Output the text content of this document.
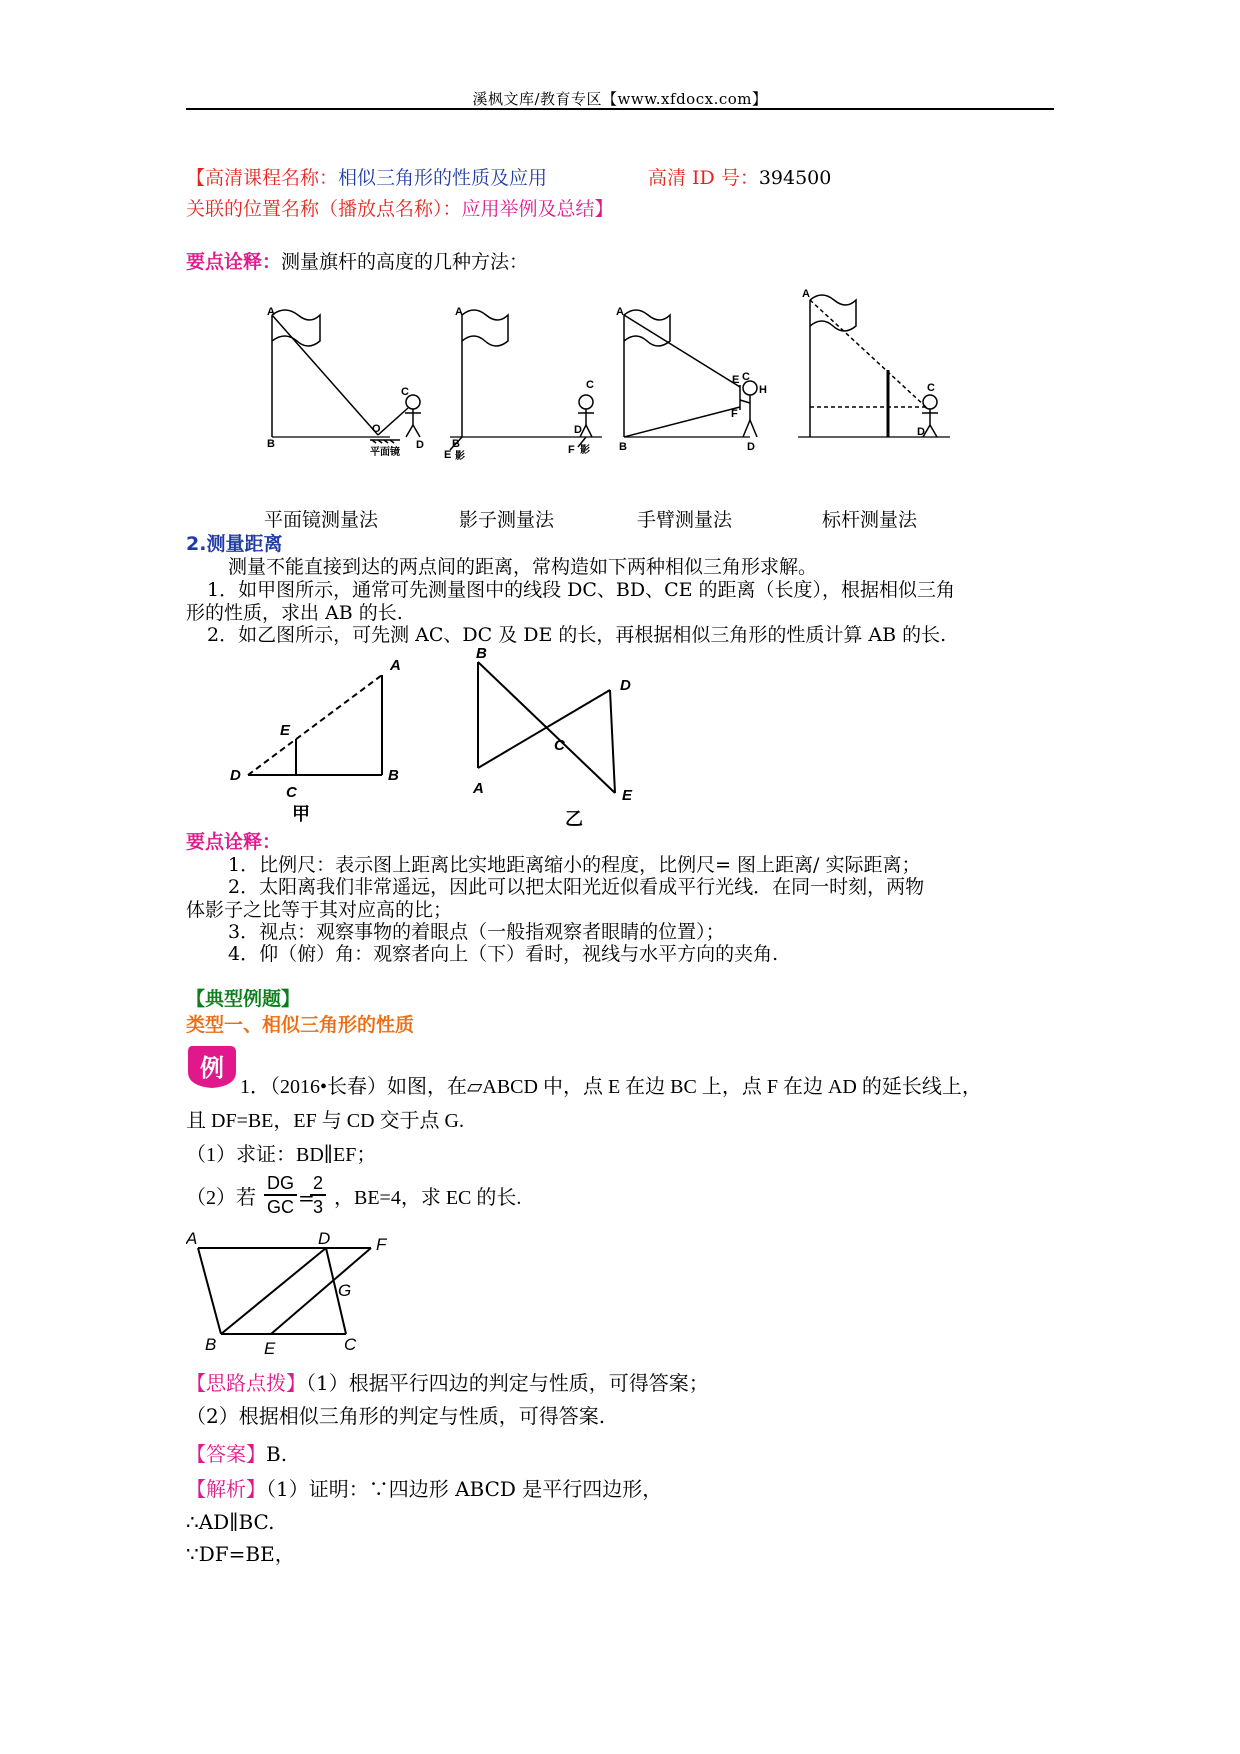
溪枫文库/教育专区【www.xfdocx.com】
【高清课程名称：相似三角形的性质及应用	高清 ID 号：394500
关联的位置名称（播放点名称）：应用举例及总结】
要点诠释：测量旗杆的高度的几种方法：
A
B
C
O
D
平面镜
A
C
B
E 影
D
F 影
A
E C
H
F
B	D
A
C
D
平面镜测量法	影子测量法	手臂测量法	标杆测量法
2.测量距离
测量不能直接到达的两点间的距离，常构造如下两种相似三角形求解。
1．如甲图所示，通常可先测量图中的线段 DC、BD、CE 的距离（长度），根据相似三角
形的性质，求出 AB 的长.
2．如乙图所示，可先测 AC、DC 及 DE 的长，再根据相似三角形的性质计算 AB 的长.
A
E
D
C
B
甲
B
D
C
A	E
乙
要点诠释：
1．比例尺：表示图上距离比实地距离缩小的程度，比例尺= 图上距离/ 实际距离；
2．太阳离我们非常遥远，因此可以把太阳光近似看成平行光线．在同一时刻，两物
体影子之比等于其对应高的比；
3．视点：观察事物的着眼点（一般指观察者眼睛的位置）；
4．仰（俯）角：观察者向上（下）看时，视线与水平方向的夹角.
【典型例题】
类型一、相似三角形的性质
例
1．（2016•长春）如图，在▱ABCD 中，点 E 在边 BC 上，点 F 在边 AD 的延长线上，
且 DF=BE，EF 与 CD 交于点 G.
（1）求证：BD∥EF；
（2）若 $\frac{DG}{GC}$ =
$\frac{2}{3}$ ，BE=4，求 EC 的长.
A	D	F
G
B	E	C
【思路点拨】（1）根据平行四边的判定与性质，可得答案；
（2）根据相似三角形的判定与性质，可得答案.
【答案】B.
【解析】（1）证明：∵四边形 ABCD 是平行四边形，
∴AD∥BC.
∵DF=BE，
